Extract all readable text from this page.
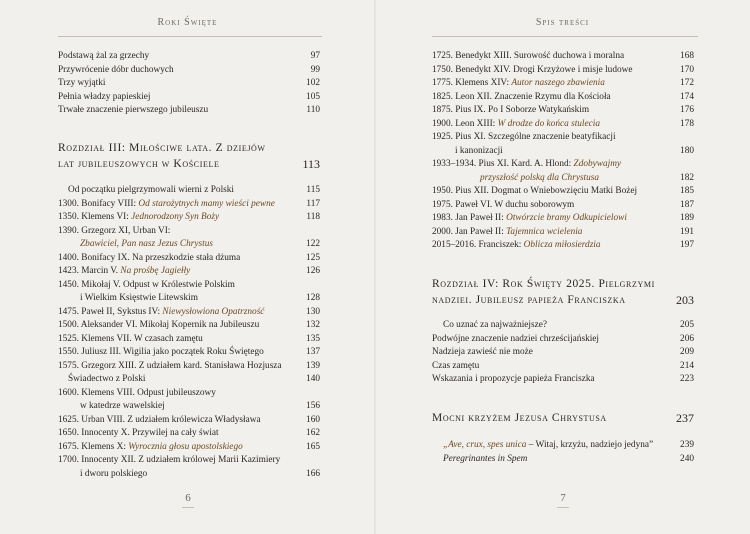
Roki Święte
Podstawą żal za grzechy	97
Przywrócenie dóbr duchowych	99
Trzy wyjątki	102
Pełnia władzy papieskiej	105
Trwałe znaczenie pierwszego jubileuszu	110
Rozdział III: Miłościwe lata. Z dziejów
lat jubileuszowych w Kościele	113
Od początku pielgrzymowali wierni z Polski	115
1300. Bonifacy VIII: Od starożytnych mamy wieści pewne	117
1350. Klemens VI: Jednorodzony Syn Boży	118
1390. Grzegorz XI, Urban VI:
Zbawiciel, Pan nasz Jezus Chrystus	122
1400. Bonifacy IX. Na przeszkodzie stała dżuma	125
1423. Marcin V. Na prośbę Jagiełły	126
1450. Mikołaj V. Odpust w Królestwie Polskim
i Wielkim Księstwie Litewskim	128
1475. Paweł II, Sykstus IV: Niewysłowiona Opatrzność	130
1500. Aleksander VI. Mikołaj Kopernik na Jubileuszu	132
1525. Klemens VII. W czasach zamętu	135
1550. Juliusz III. Wigilia jako początek Roku Świętego	137
1575. Grzegorz XIII. Z udziałem kard. Stanisława Hozjusza	139
Świadectwo z Polski	140
1600. Klemens VIII. Odpust jubileuszowy
w katedrze wawelskiej	156
1625. Urban VIII. Z udziałem królewicza Władysława	160
1650. Innocenty X. Przywilej na cały świat	162
1675. Klemens X: Wyrocznia głosu apostolskiego	165
1700. Innocenty XII. Z udziałem królowej Marii Kazimiery
i dworu polskiego	166
6
Spis treści
1725. Benedykt XIII. Surowość duchowa i moralna	168
1750. Benedykt XIV. Drogi Krzyżowe i misje ludowe	170
1775. Klemens XIV: Autor naszego zbawienia	172
1825. Leon XII. Znaczenie Rzymu dla Kościoła	174
1875. Pius IX. Po I Soborze Watykańskim	176
1900. Leon XIII: W drodze do końca stulecia	178
1925. Pius XI. Szczególne znaczenie beatyfikacji
i kanonizacji	180
1933–1934. Pius XI. Kard. A. Hlond: Zdobywajmy
przyszłość polską dla Chrystusa	182
1950. Pius XII. Dogmat o Wniebowzięciu Matki Bożej	185
1975. Paweł VI. W duchu soborowym	187
1983. Jan Paweł II: Otwórzcie bramy Odkupicielowi	189
2000. Jan Paweł II: Tajemnica wcielenia	191
2015–2016. Franciszek: Oblicza miłosierdzia	197
Rozdział IV: Rok Święty 2025. Pielgrzymi
nadziei. Jubileusz papieża Franciszka	203
Co uznać za najważniejsze?	205
Podwójne znaczenie nadziei chrześcijańskiej	206
Nadzieja zawieść nie może	209
Czas zamętu	214
Wskazania i propozycje papieża Franciszka	223
Mocni krzyżem Jezusa Chrystusa	237
„Ave, crux, spes unica – Witaj, krzyżu, nadziejo jedyna”	239
Peregrinantes in Spem	240
7
